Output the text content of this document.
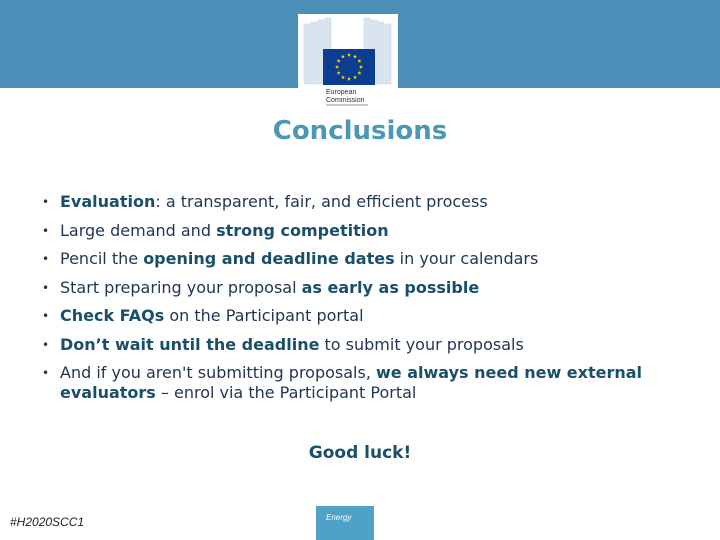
European
Commission
Conclusions
• Evaluation: a transparent, fair, and efficient process
• Large demand and strong competition
• Pencil the opening and deadline dates in your calendars
• Start preparing your proposal as early as possible
• Check FAQs on the Participant portal
• Don’t wait until the deadline to submit your proposals
• And if you aren't submitting proposals, we always need new external evaluators – enrol via the Participant Portal
Good luck!
#H2020SCC1	Energy
